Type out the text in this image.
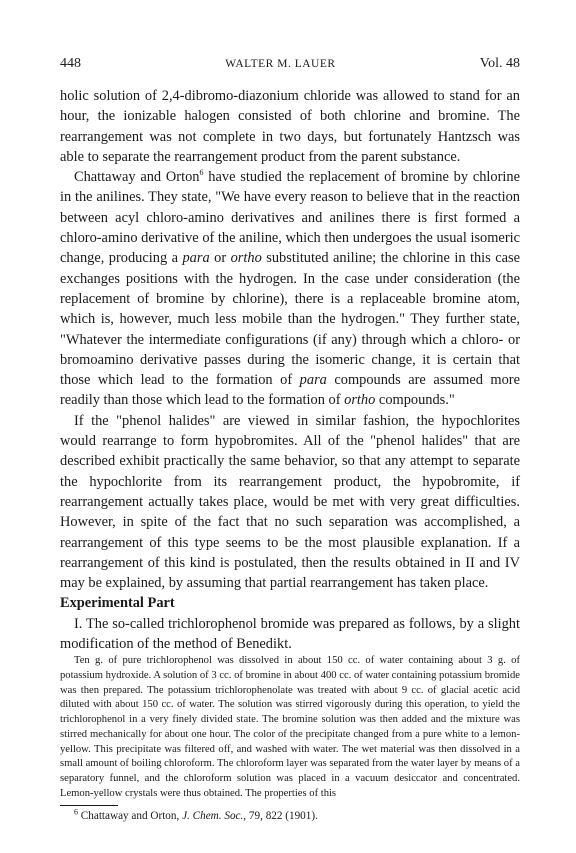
448	WALTER M. LAUER	Vol. 48

holic solution of 2,4-dibromo-diazonium chloride was allowed to stand for an hour, the ionizable halogen consisted of both chlorine and bromine. The rearrangement was not complete in two days, but fortunately Hantzsch was able to separate the rearrangement product from the parent substance.

Chattaway and Orton$^6$ have studied the replacement of bromine by chlorine in the anilines. They state, "We have every reason to believe that in the reaction between acyl chloro-amino derivatives and anilines there is first formed a chloro-amino derivative of the aniline, which then undergoes the usual isomeric change, producing a para or ortho substituted aniline; the chlorine in this case exchanges positions with the hydrogen. In the case under consideration (the replacement of bromine by chlorine), there is a replaceable bromine atom, which is, however, much less mobile than the hydrogen." They further state, "Whatever the intermediate configurations (if any) through which a chloro- or bromoamino derivative passes during the isomeric change, it is certain that those which lead to the formation of para compounds are assumed more readily than those which lead to the formation of ortho compounds."

If the "phenol halides" are viewed in similar fashion, the hypochlorites would rearrange to form hypobromites. All of the "phenol halides" that are described exhibit practically the same behavior, so that any attempt to separate the hypochlorite from its rearrangement product, the hypobromite, if rearrangement actually takes place, would be met with very great difficulties. However, in spite of the fact that no such separation was accomplished, a rearrangement of this type seems to be the most plausible explanation. If a rearrangement of this kind is postulated, then the results obtained in II and IV may be explained, by assuming that partial rearrangement has taken place.

Experimental Part

I. The so-called trichlorophenol bromide was prepared as follows, by a slight modification of the method of Benedikt.

Ten g. of pure trichlorophenol was dissolved in about 150 cc. of water containing about 3 g. of potassium hydroxide. A solution of 3 cc. of bromine in about 400 cc. of water containing potassium bromide was then prepared. The potassium trichlorophenolate was treated with about 9 cc. of glacial acetic acid diluted with about 150 cc. of water. The solution was stirred vigorously during this operation, to yield the trichlorophenol in a very finely divided state. The bromine solution was then added and the mixture was stirred mechanically for about one hour. The color of the precipitate changed from a pure white to a lemon-yellow. This precipitate was filtered off, and washed with water. The wet material was then dissolved in a small amount of boiling chloroform. The chloroform layer was separated from the water layer by means of a separatory funnel, and the chloroform solution was placed in a vacuum desiccator and concentrated. Lemon-yellow crystals were thus obtained. The properties of this

$^6$ Chattaway and Orton, J. Chem. Soc., 79, 822 (1901).
